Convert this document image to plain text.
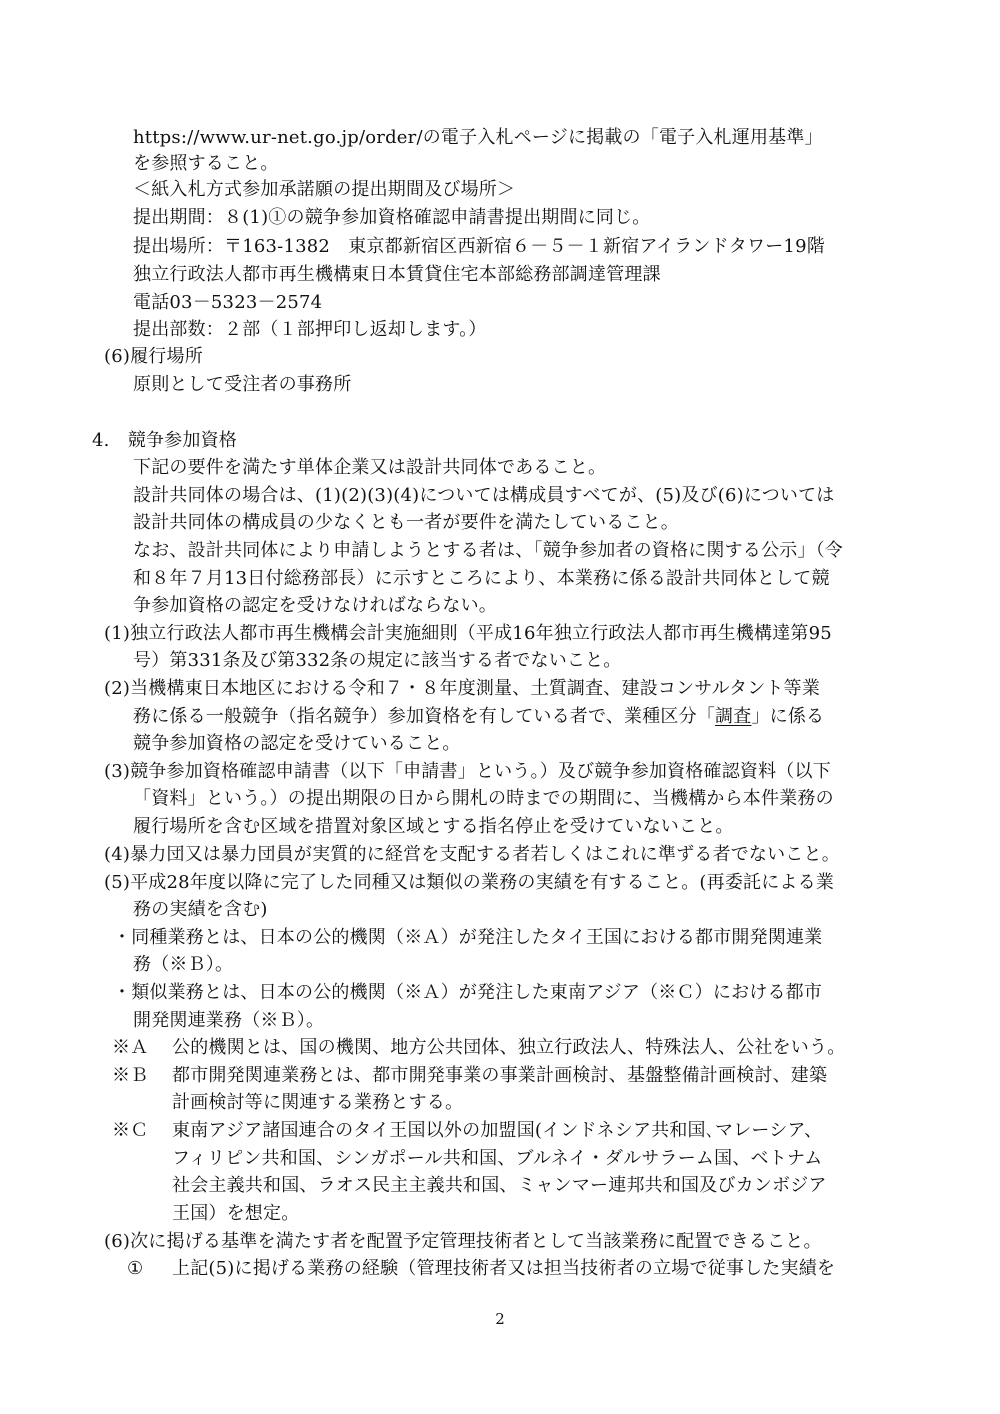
https://www.ur-net.go.jp/order/の電子入札ページに掲載の「電子入札運用基準」
を参照すること。
＜紙入札方式参加承諾願の提出期間及び場所＞
提出期間：８(1)①の競争参加資格確認申請書提出期間に同じ。
提出場所：〒163-1382　東京都新宿区西新宿６－５－１新宿アイランドタワー19階
独立行政法人都市再生機構東日本賃貸住宅本部総務部調達管理課
電話03－5323－2574
提出部数：２部（１部押印し返却します。）
(6)履行場所
原則として受注者の事務所
4.　競争参加資格
下記の要件を満たす単体企業又は設計共同体であること。
設計共同体の場合は、(1)(2)(3)(4)については構成員すべてが、(5)及び(6)については
設計共同体の構成員の少なくとも一者が要件を満たしていること。
なお、設計共同体により申請しようとする者は、「競争参加者の資格に関する公示」（令
和８年７月13日付総務部長）に示すところにより、本業務に係る設計共同体として競
争参加資格の認定を受けなければならない。
(1)独立行政法人都市再生機構会計実施細則（平成16年独立行政法人都市再生機構達第95
号）第331条及び第332条の規定に該当する者でないこと。
(2)当機構東日本地区における令和７・８年度測量、土質調査、建設コンサルタント等業
務に係る一般競争（指名競争）参加資格を有している者で、業種区分「調査」に係る
競争参加資格の認定を受けていること。
(3)競争参加資格確認申請書（以下「申請書」という。）及び競争参加資格確認資料（以下
「資料」という。）の提出期限の日から開札の時までの期間に、当機構から本件業務の
履行場所を含む区域を措置対象区域とする指名停止を受けていないこと。
(4)暴力団又は暴力団員が実質的に経営を支配する者若しくはこれに準ずる者でないこと。
(5)平成28年度以降に完了した同種又は類似の業務の実績を有すること。(再委託による業
務の実績を含む)
・同種業務とは、日本の公的機関（※Ａ）が発注したタイ王国における都市開発関連業
務（※Ｂ）。
・類似業務とは、日本の公的機関（※Ａ）が発注した東南アジア（※Ｃ）における都市
開発関連業務（※Ｂ）。
※Ａ 公的機関とは、国の機関、地方公共団体、独立行政法人、特殊法人、公社をいう。
※Ｂ 都市開発関連業務とは、都市開発事業の事業計画検討、基盤整備計画検討、建築
計画検討等に関連する業務とする。
※Ｃ 東南アジア諸国連合のタイ王国以外の加盟国(インドネシア共和国､マレーシア、
フィリピン共和国、シンガポール共和国、ブルネイ・ダルサラーム国、ベトナム
社会主義共和国、ラオス民主主義共和国、ミャンマー連邦共和国及びカンボジア
王国）を想定。
(6)次に掲げる基準を満たす者を配置予定管理技術者として当該業務に配置できること。
① 上記(5)に掲げる業務の経験（管理技術者又は担当技術者の立場で従事した実績を
2
